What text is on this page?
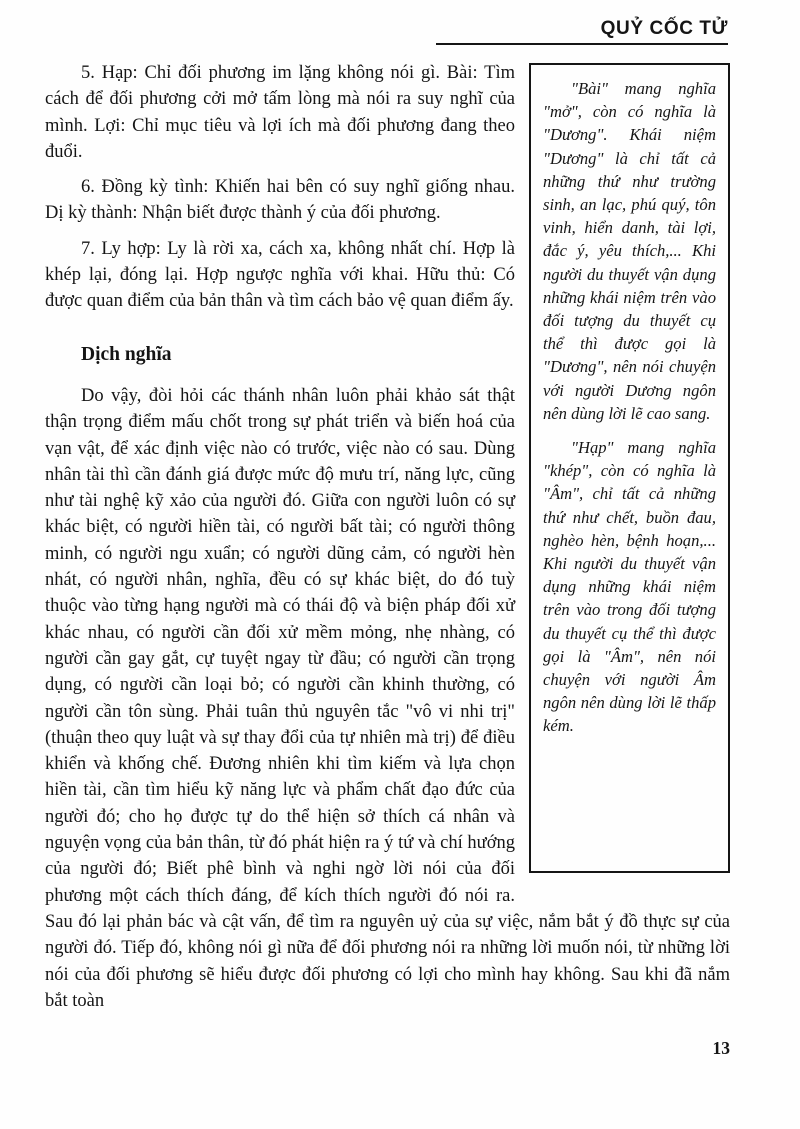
QUỶ CỐC TỬ

"Bài" mang nghĩa "mở", còn có nghĩa là "Dương". Khái niệm "Dương" là chỉ tất cả những thứ như trường sinh, an lạc, phú quý, tôn vinh, hiển danh, tài lợi, đắc ý, yêu thích,... Khi người du thuyết vận dụng những khái niệm trên vào đối tượng du thuyết cụ thể thì được gọi là "Dương", nên nói chuyện với người Dương ngôn nên dùng lời lẽ cao sang.

"Hạp" mang nghĩa "khép", còn có nghĩa là "Âm", chỉ tất cả những thứ như chết, buồn đau, nghèo hèn, bệnh hoạn,... Khi người du thuyết vận dụng những khái niệm trên vào trong đối tượng du thuyết cụ thể thì được gọi là "Âm", nên nói chuyện với người Âm ngôn nên dùng lời lẽ thấp kém.

5. Hạp: Chỉ đối phương im lặng không nói gì. Bài: Tìm cách để đối phương cởi mở tấm lòng mà nói ra suy nghĩ của mình. Lợi: Chỉ mục tiêu và lợi ích mà đối phương đang theo đuổi.

6. Đồng kỳ tình: Khiến hai bên có suy nghĩ giống nhau. Dị kỳ thành: Nhận biết được thành ý của đối phương.

7. Ly hợp: Ly là rời xa, cách xa, không nhất chí. Hợp là khép lại, đóng lại. Hợp ngược nghĩa với khai. Hữu thủ: Có được quan điểm của bản thân và tìm cách bảo vệ quan điểm ấy.

Dịch nghĩa

Do vậy, đòi hỏi các thánh nhân luôn phải khảo sát thật thận trọng điểm mấu chốt trong sự phát triển và biến hoá của vạn vật, để xác định việc nào có trước, việc nào có sau. Dùng nhân tài thì cần đánh giá được mức độ mưu trí, năng lực, cũng như tài nghệ kỹ xảo của người đó. Giữa con người luôn có sự khác biệt, có người hiền tài, có người bất tài; có người thông minh, có người ngu xuẩn; có người dũng cảm, có người hèn nhát, có người nhân, nghĩa, đều có sự khác biệt, do đó tuỳ thuộc vào từng hạng người mà có thái độ và biện pháp đối xử khác nhau, có người cần đối xử mềm mỏng, nhẹ nhàng, có người cần gay gắt, cự tuyệt ngay từ đầu; có người cần trọng dụng, có người cần loại bỏ; có người cần khinh thường, có người cần tôn sùng. Phải tuân thủ nguyên tắc "vô vi nhi trị" (thuận theo quy luật và sự thay đổi của tự nhiên mà trị) để điều khiển và khống chế. Đương nhiên khi tìm kiếm và lựa chọn hiền tài, cần tìm hiểu kỹ năng lực và phẩm chất đạo đức của người đó; cho họ được tự do thể hiện sở thích cá nhân và nguyện vọng của bản thân, từ đó phát hiện ra ý tứ và chí hướng của người đó; Biết phê bình và nghi ngờ lời nói của đối phương một cách thích đáng, để kích thích người đó nói ra. Sau đó lại phản bác và cật vấn, để tìm ra nguyên uỷ của sự việc, nắm bắt ý đồ thực sự của người đó. Tiếp đó, không nói gì nữa để đối phương nói ra những lời muốn nói, từ những lời nói của đối phương sẽ hiểu được đối phương có lợi cho mình hay không. Sau khi đã nắm bắt toàn

13
